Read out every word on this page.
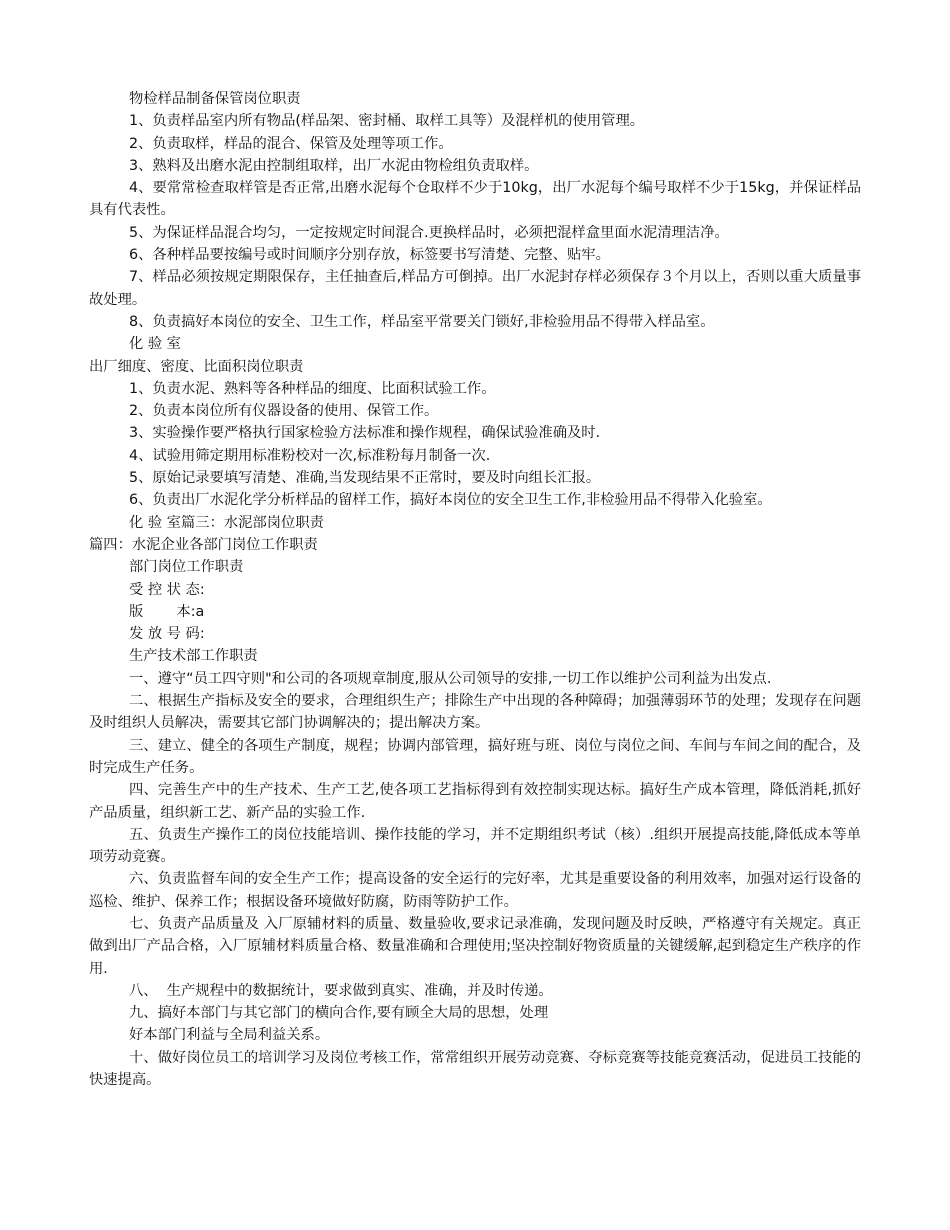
物检样品制备保管岗位职责
1、负责样品室内所有物品(样品架、密封桶、取样工具等）及混样机的使用管理。
2、负责取样，样品的混合、保管及处理等项工作。
3、熟料及出磨水泥由控制组取样，出厂水泥由物检组负责取样。
4、要常常检查取样管是否正常,出磨水泥每个仓取样不少于10kg，出厂水泥每个编号取样不少于15kg，并保证样品具有代表性。
5、为保证样品混合均匀，一定按规定时间混合.更换样品时，必须把混样盒里面水泥清理洁净。
6、各种样品要按编号或时间顺序分别存放，标签要书写清楚、完整、贴牢。
7、样品必须按规定期限保存，主任抽查后,样品方可倒掉。出厂水泥封存样必须保存３个月以上，否则以重大质量事故处理。
8、负责搞好本岗位的安全、卫生工作，样品室平常要关门锁好,非检验用品不得带入样品室。
化 验 室
出厂细度、密度、比面积岗位职责
1、负责水泥、熟料等各种样品的细度、比面积试验工作。
2、负责本岗位所有仪器设备的使用、保管工作。
3、实验操作要严格执行国家检验方法标准和操作规程，确保试验准确及时.
4、试验用筛定期用标准粉校对一次,标准粉每月制备一次.
5、原始记录要填写清楚、准确,当发现结果不正常时，要及时向组长汇报。
6、负责出厂水泥化学分析样品的留样工作，搞好本岗位的安全卫生工作,非检验用品不得带入化验室。
化 验 室篇三：水泥部岗位职责
篇四：水泥企业各部门岗位工作职责
部门岗位工作职责
受 控 状 态:
版 　　本:a
发 放 号 码:
生产技术部工作职责
一、遵守“员工四守则"和公司的各项规章制度,服从公司领导的安排,一切工作以维护公司利益为出发点.
二、根据生产指标及安全的要求，合理组织生产；排除生产中出现的各种障碍；加强薄弱环节的处理；发现存在问题及时组织人员解决，需要其它部门协调解决的；提出解决方案。
三、建立、健全的各项生产制度，规程；协调内部管理，搞好班与班、岗位与岗位之间、车间与车间之间的配合，及时完成生产任务。
四、完善生产中的生产技术、生产工艺,使各项工艺指标得到有效控制实现达标。搞好生产成本管理，降低消耗,抓好产品质量，组织新工艺、新产品的实验工作.
五、负责生产操作工的岗位技能培训、操作技能的学习，并不定期组织考试（核）.组织开展提高技能,降低成本等单项劳动竞赛。
六、负责监督车间的安全生产工作；提高设备的安全运行的完好率，尤其是重要设备的利用效率，加强对运行设备的巡检、维护、保养工作；根据设备环境做好防腐，防雨等防护工作。
七、负责产品质量及 入厂原辅材料的质量、数量验收,要求记录准确，发现问题及时反映，严格遵守有关规定。真正做到出厂产品合格，入厂原辅材料质量合格、数量准确和合理使用;坚决控制好物资质量的关键缓解,起到稳定生产秩序的作用.
八、  生产规程中的数据统计，要求做到真实、准确，并及时传递。
九、搞好本部门与其它部门的横向合作,要有顾全大局的思想，处理
好本部门利益与全局利益关系。
十、做好岗位员工的培训学习及岗位考核工作，常常组织开展劳动竞赛、夺标竞赛等技能竞赛活动，促进员工技能的快速提高。
